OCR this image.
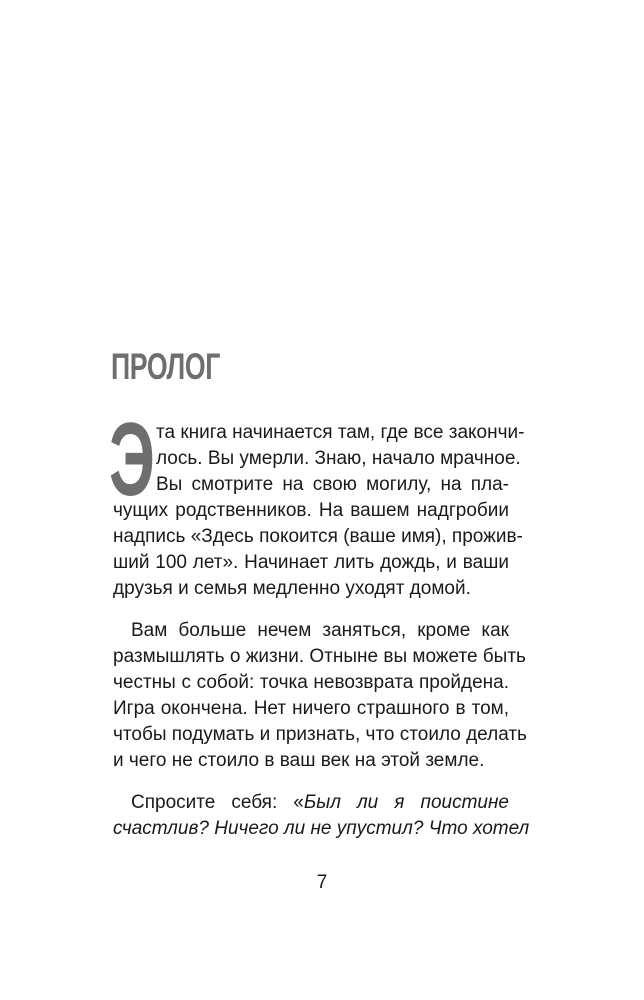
ПРОЛОГ
Э та книга начинается там, где все закончи-
лось. Вы умерли. Знаю, начало мрачное.
Вы смотрите на свою могилу, на пла-
чущих родственников. На вашем надгробии
надпись «Здесь покоится (ваше имя), прожив-
ший 100 лет». Начинает лить дождь, и ваши
друзья и семья медленно уходят домой.
Вам больше нечем заняться, кроме как
размышлять о жизни. Отныне вы можете быть
честны с собой: точка невозврата пройдена.
Игра окончена. Нет ничего страшного в том,
чтобы подумать и признать, что стоило делать
и чего не стоило в ваш век на этой земле.
Спросите себя: «Был ли я поистине
счастлив? Ничего ли не упустил? Что хотел
7
